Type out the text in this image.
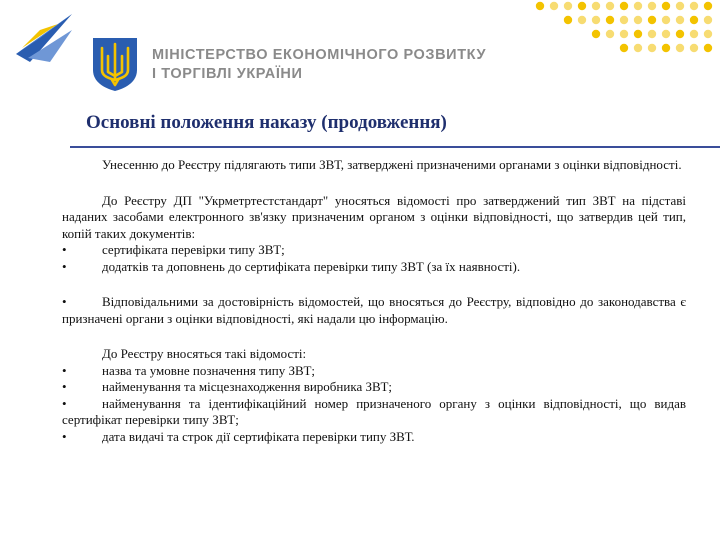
МІНІСТЕРСТВО ЕКОНОМІЧНОГО РОЗВИТКУ
І ТОРГІВЛІ УКРАЇНИ
Основні положення наказу (продовження)

Унесенню до Реєстру підлягають типи ЗВТ, затверджені призначеними органами з оцінки відповідності.

До Реєстру ДП "Укрметртестстандарт" уносяться відомості про затверджений тип ЗВТ на підставі наданих засобами електронного зв'язку призначеним органом з оцінки відповідності, що затвердив цей тип, копій таких документів:

•	сертифіката перевірки типу ЗВТ;

•	додатків та доповнень до сертифіката перевірки типу ЗВТ (за їх наявності).

•	Відповідальними за достовірність відомостей, що вносяться до Реєстру, відповідно до законодавства є призначені органи з оцінки відповідності, які надали цю інформацію.

До Реєстру вносяться такі відомості:

•	назва та умовне позначення типу ЗВТ;

•	найменування та місцезнаходження виробника ЗВТ;

•	найменування та ідентифікаційний номер призначеного органу з оцінки відповідності, що видав сертифікат перевірки типу ЗВТ;

•	дата видачі та строк дії сертифіката перевірки типу ЗВТ.
